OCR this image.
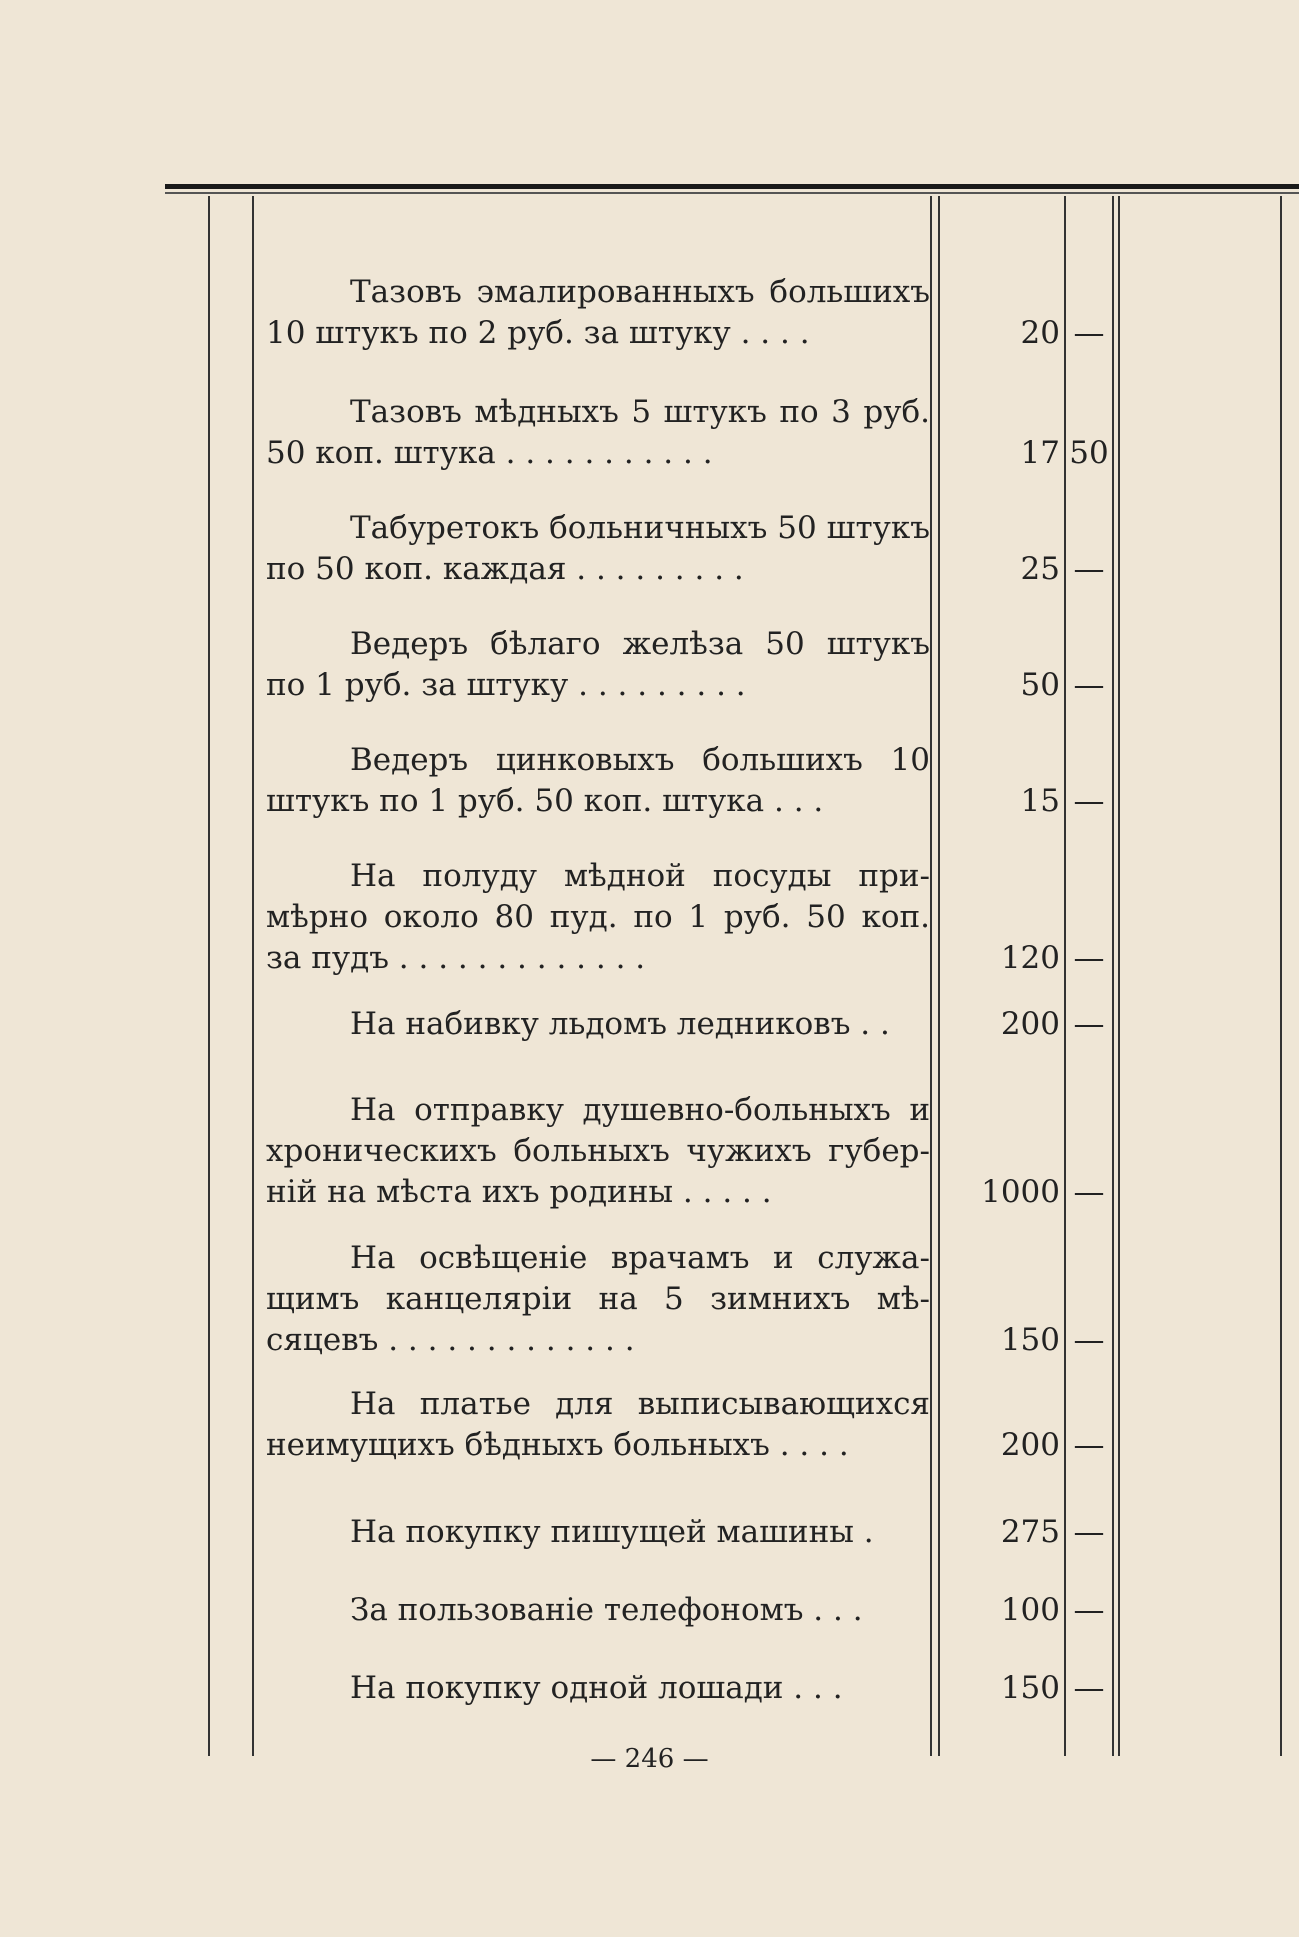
Тазовъ эмалированныхъ большихъ
10 штукъ по 2 руб. за штуку . . . .	20 —
Тазовъ мѣдныхъ 5 штукъ по 3 руб.
50 коп. штука . . . . . . . . . . .	17 50
Табуретокъ больничныхъ 50 штукъ
по 50 коп. каждая . . . . . . . . .	25 —
Ведеръ бѣлаго желѣза 50 штукъ
по 1 руб. за штуку . . . . . . . . .	50 —
Ведеръ цинковыхъ большихъ 10
штукъ по 1 руб. 50 коп. штука . . .	15 —
На полуду мѣдной посуды при-
мѣрно около 80 пуд. по 1 руб. 50 коп.
за пудъ . . . . . . . . . . . . .	120 —
На набивку льдомъ ледниковъ . .	200 —
На отправку душевно-больныхъ и
хроническихъ больныхъ чужихъ губер-
ній на мѣста ихъ родины . . . . .	1000 —
На освѣщеніе врачамъ и служа-
щимъ канцеляріи на 5 зимнихъ мѣ-
сяцевъ . . . . . . . . . . . . .	150 —
На платье для выписывающихся
неимущихъ бѣдныхъ больныхъ . . . .	200 —
На покупку пишущей машины .	275 —
За пользованіе телефономъ . . .	100 —
На покупку одной лошади . . .	150 —
— 246 —
